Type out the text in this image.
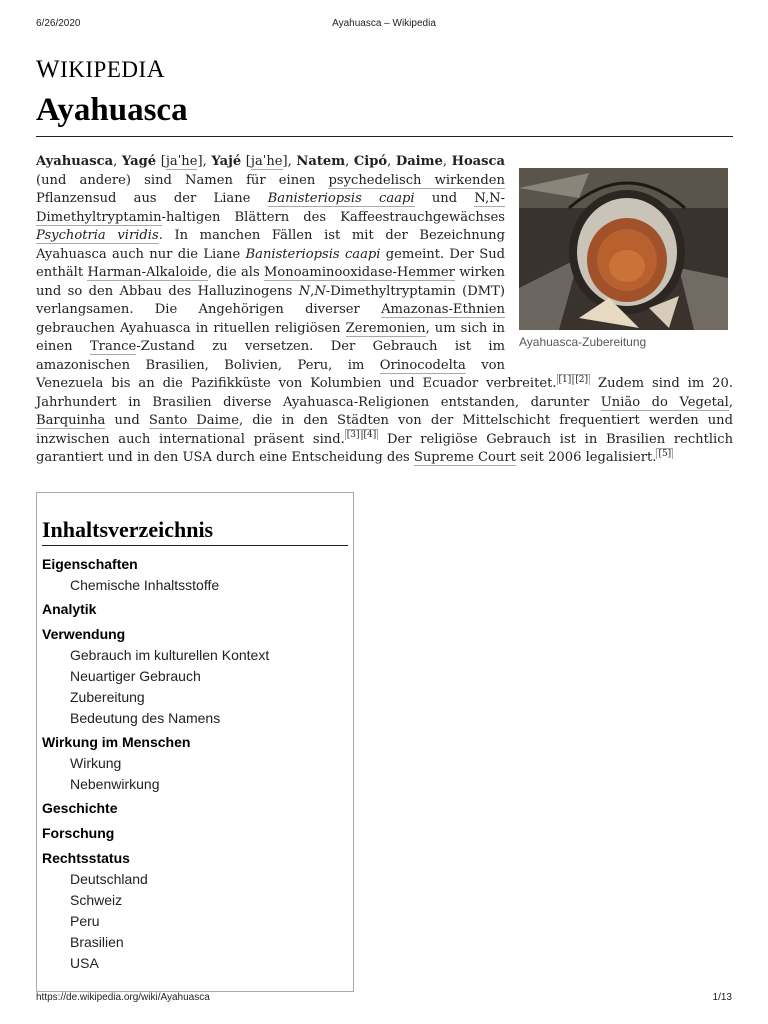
6/26/2020	Ayahuasca – Wikipedia
WIKIPEDIA
Ayahuasca
Ayahuasca-Zubereitung

Ayahuasca, Yagé [jaˈhe], Yajé [jaˈhe], Natem, Cipó, Daime, Hoasca (und andere) sind Namen für einen psychedelisch wirkenden Pflanzensud aus der Liane Banisteriopsis caapi und N,N-Dimethyltryptamin-haltigen Blättern des Kaffeestrauchgewächses Psychotria viridis. In manchen Fällen ist mit der Bezeichnung Ayahuasca auch nur die Liane Banisteriopsis caapi gemeint. Der Sud enthält Harman-Alkaloide, die als Monoaminooxidase-Hemmer wirken und so den Abbau des Halluzinogens N,N-Dimethyltryptamin (DMT) verlangsamen. Die Angehörigen diverser Amazonas-Ethnien gebrauchen Ayahuasca in rituellen religiösen Zeremonien, um sich in einen Trance-Zustand zu versetzen. Der Gebrauch ist im amazonischen Brasilien, Bolivien, Peru, im Orinocodelta von Venezuela bis an die Pazifikküste von Kolumbien und Ecuador verbreitet. [1] [2] Zudem sind im 20. Jahrhundert in Brasilien diverse Ayahuasca-Religionen entstanden, darunter União do Vegetal, Barquinha und Santo Daime, die in den Städten von der Mittelschicht frequentiert werden und inzwischen auch international präsent sind. [3] [4] Der religiöse Gebrauch ist in Brasilien rechtlich garantiert und in den USA durch eine Entscheidung des Supreme Court seit 2006 legalisiert. [5]

Inhaltsverzeichnis
Eigenschaften
Chemische Inhaltsstoffe
Analytik
Verwendung
Gebrauch im kulturellen Kontext
Neuartiger Gebrauch
Zubereitung
Bedeutung des Namens
Wirkung im Menschen
Wirkung
Nebenwirkung
Geschichte
Forschung
Rechtsstatus
Deutschland
Schweiz
Peru
Brasilien
USA
https://de.wikipedia.org/wiki/Ayahuasca	1/13
